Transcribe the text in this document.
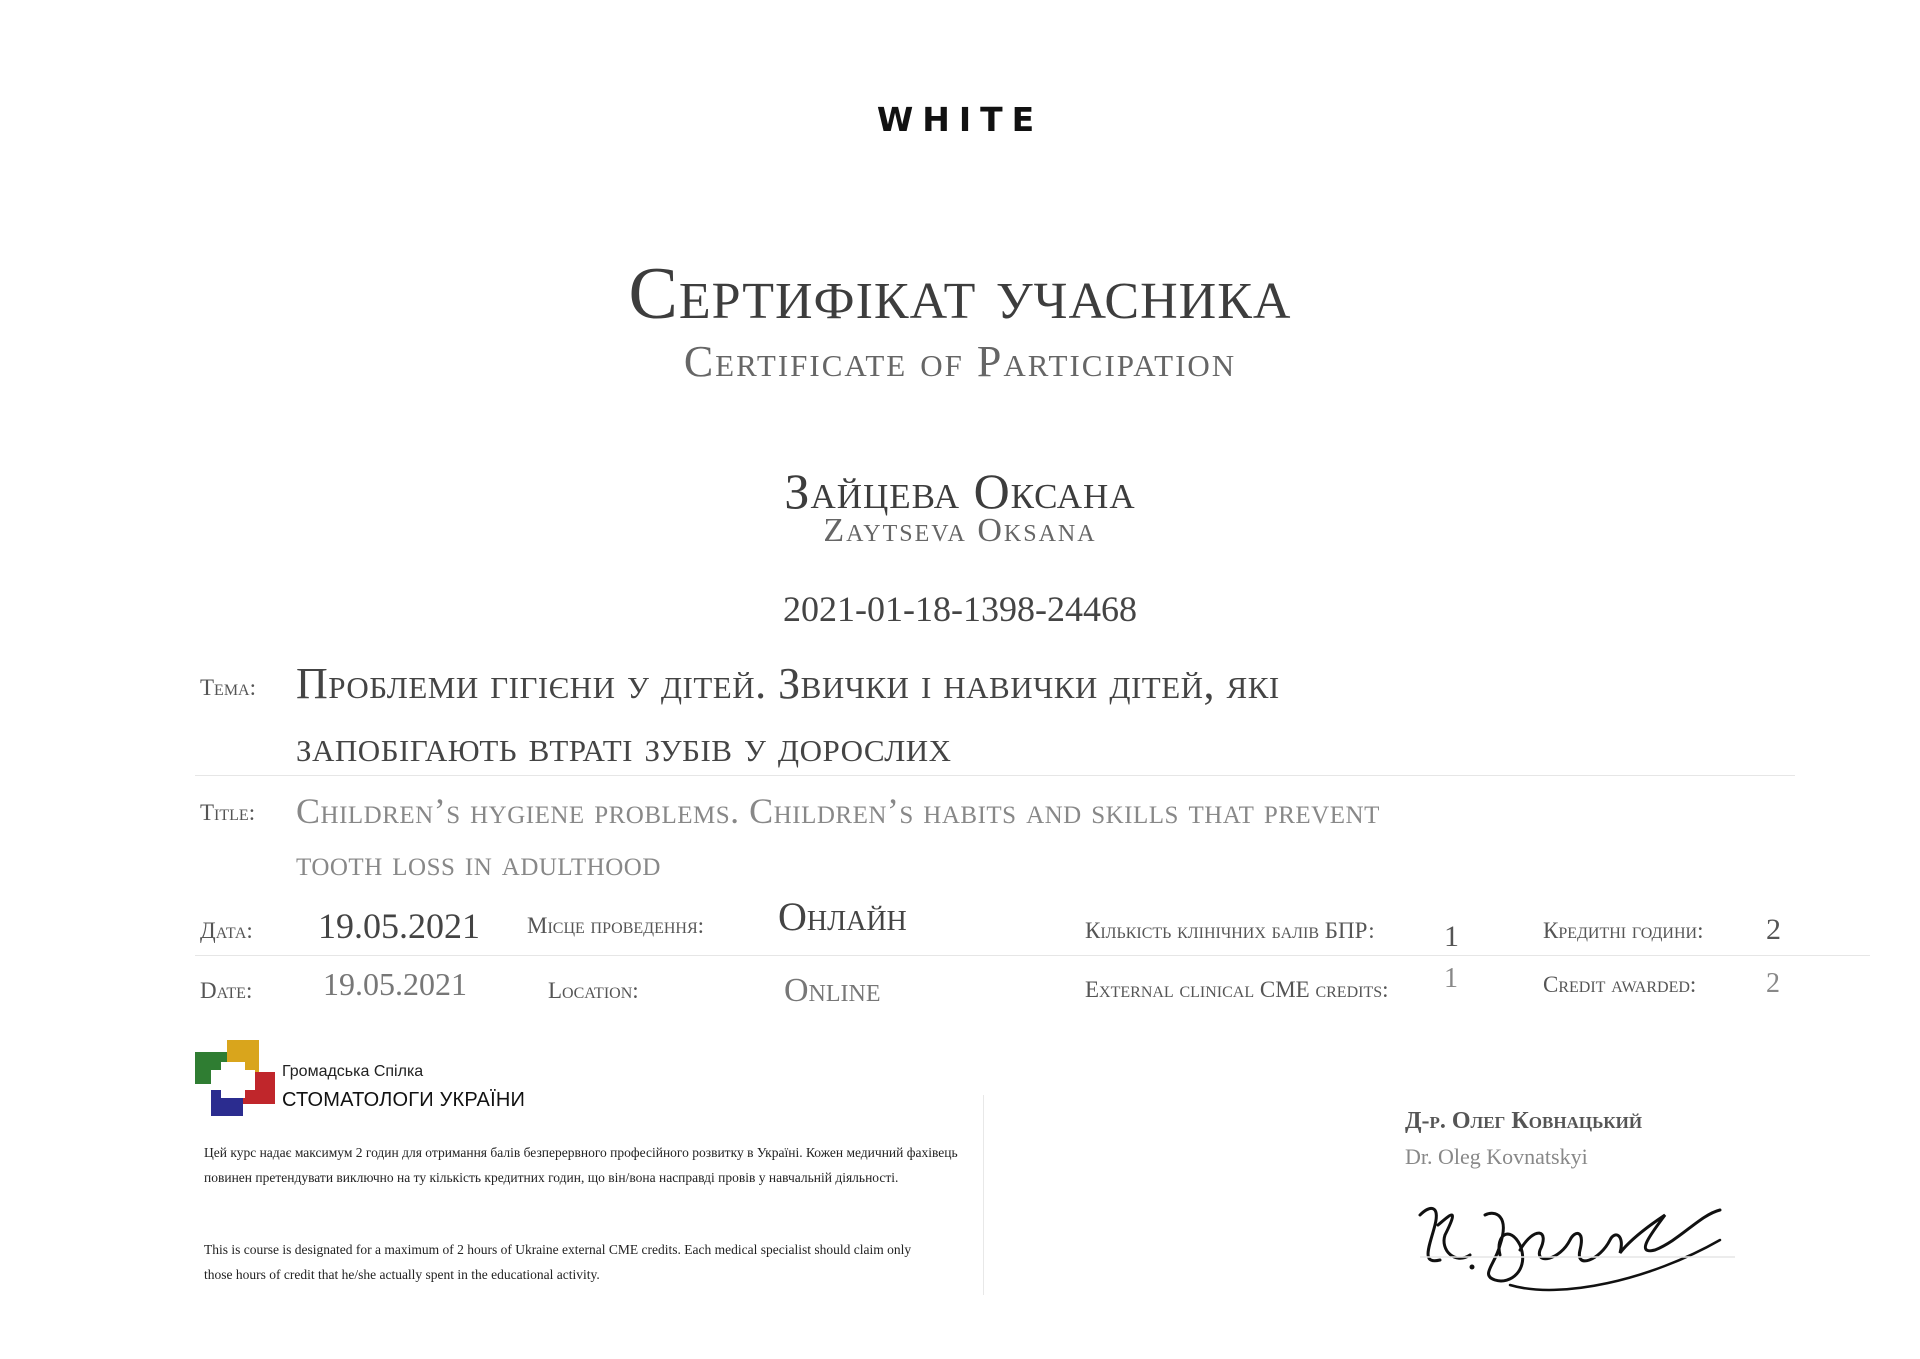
WHITE
Сертифікат учасника
Certificate of Participation
Зайцева Оксана
Zaytseva Oksana
2021-01-18-1398-24468
Тема: Проблеми гігієни у дітей. Звички і навички дітей, які
запобігають втраті зубів у дорослих
Title: Children’s hygiene problems. Children’s habits and skills that prevent
tooth loss in adulthood
Дата: 19.05.2021 Місце проведення: Онлайн	Кількість клінічних балів БПР: 1	Кредитні години: 2
Date: 19.05.2021	Location:	Online	External clinical CME credits: 1	Credit awarded: 2
Громадська Спілка
СТОМАТОЛОГИ УКРАЇНИ
Цей курс надає максимум 2 годин для отримання балів безперервного професійного розвитку в Україні. Кожен медичний фахівець повинен претендувати виключно на ту кількість кредитних годин, що він/вона насправді провів у навчальній діяльності.
This is course is designated for a maximum of 2 hours of Ukraine external CME credits. Each medical specialist should claim only those hours of credit that he/she actually spent in the educational activity.
Д-р. Олег Ковнацький
Dr. Oleg Kovnatskyi
